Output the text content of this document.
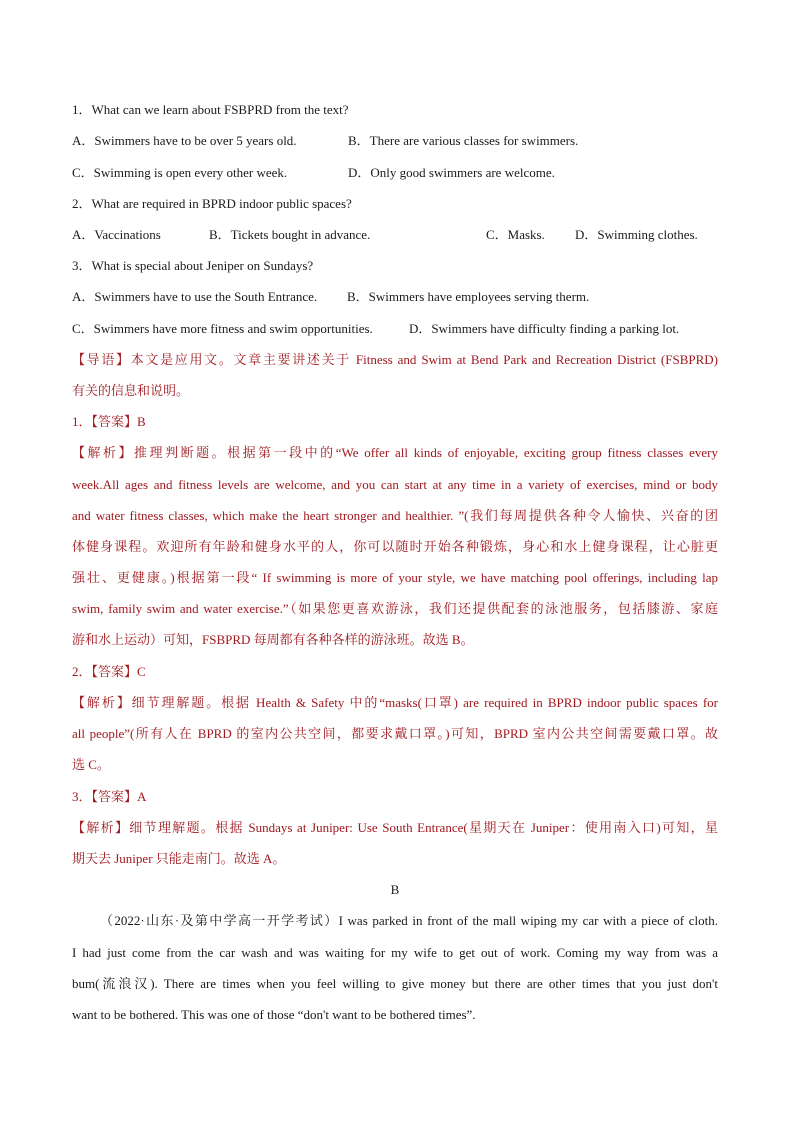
1．What can we learn about FSBPRD from the text?
A．Swimmers have to be over 5 years old.	B．There are various classes for swimmers.
C．Swimming is open every other week.	D．Only good swimmers are welcome.
2．What are required in BPRD indoor public spaces?
A．Vaccinations	B．Tickets bought in advance.	C．Masks. D．Swimming clothes.
3．What is special about Jeniper on Sundays?
A．Swimmers have to use the South Entrance. B．Swimmers have employees serving therm.
C．Swimmers have more fitness and swim opportunities.	D．Swimmers have difficulty finding a parking lot.
【导语】本文是应用文。文章主要讲述关于 Fitness and Swim at Bend Park and Recreation District (FSBPRD)
有关的信息和说明。
1．【答案】B
【解析】推理判断题。根据第一段中的“We offer all kinds of enjoyable, exciting group fitness classes every
week.All ages and fitness levels are welcome, and you can start at any time in a variety of exercises, mind or body
and water fitness classes, which make the heart stronger and healthier. ”(我们每周提供各种令人愉快、兴奋的团
体健身课程。欢迎所有年龄和健身水平的人，你可以随时开始各种锻炼，身心和水上健身课程，让心脏更
强壮、更健康。)根据第一段“ If swimming is more of your style, we have matching pool offerings, including lap
swim, family swim and water exercise.”（如果您更喜欢游泳，我们还提供配套的泳池服务，包括膝游、家庭
游和水上运动）可知，FSBPRD 每周都有各种各样的游泳班。故选 B。
2．【答案】C
【解析】细节理解题。根据 Health & Safety 中的“masks(口罩) are required in BPRD indoor public spaces for
all people”(所有人在 BPRD 的室内公共空间，都要求戴口罩。)可知，BPRD 室内公共空间需要戴口罩。故
选 C。
3．【答案】A
【解析】细节理解题。根据 Sundays at Juniper: Use South Entrance(星期天在 Juniper：使用南入口)可知，星
期天去 Juniper 只能走南门。故选 A。
B
（2022·山东·及第中学高一开学考试）I was parked in front of the mall wiping my car with a piece of cloth.
I had just come from the car wash and was waiting for my wife to get out of work. Coming my way from was a
bum(流浪汉). There are times when you feel willing to give money but there are other times that you just don't
want to be bothered. This was one of those “don't want to be bothered times”.
